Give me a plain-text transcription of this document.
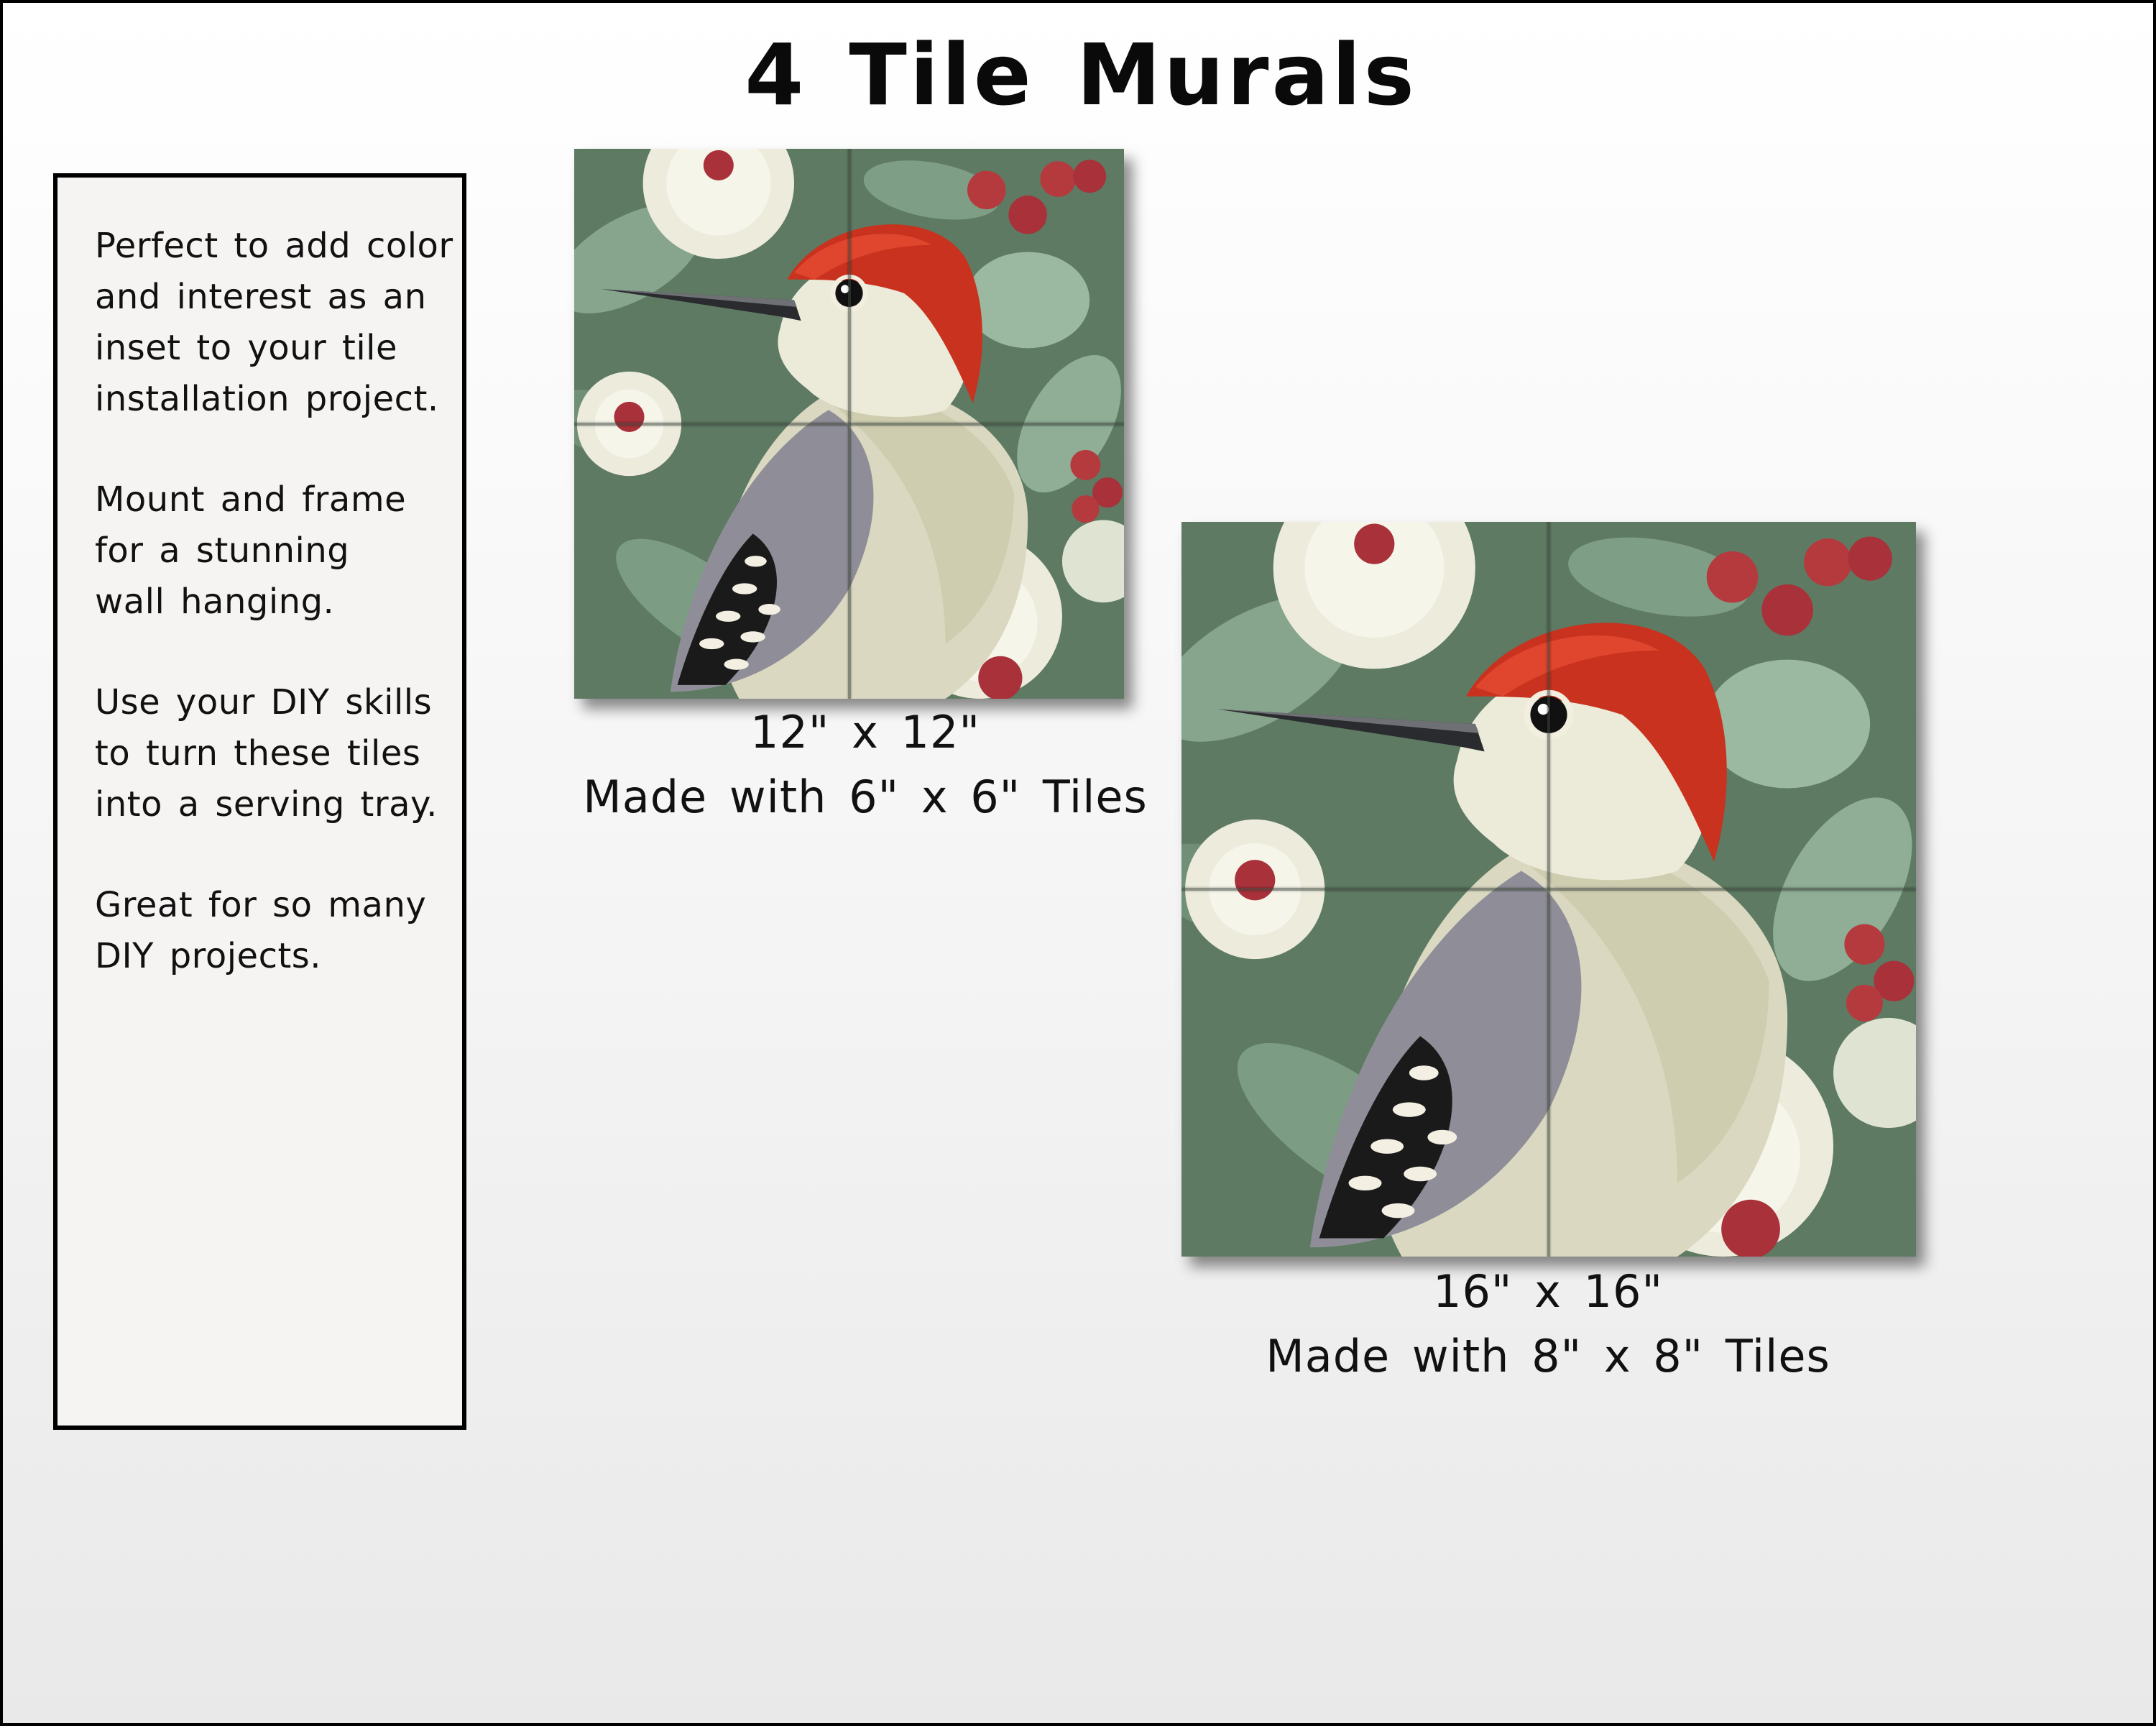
4 Tile Murals

Perfect to add color
and interest as an
inset to your tile
installation project.

Mount and frame
for a stunning
wall hanging.

Use your DIY skills
to turn these tiles
into a serving tray.

Great for so many
DIY projects.

12" x 12"
Made with 6" x 6" Tiles
16" x 16"
Made with 8" x 8" Tiles
